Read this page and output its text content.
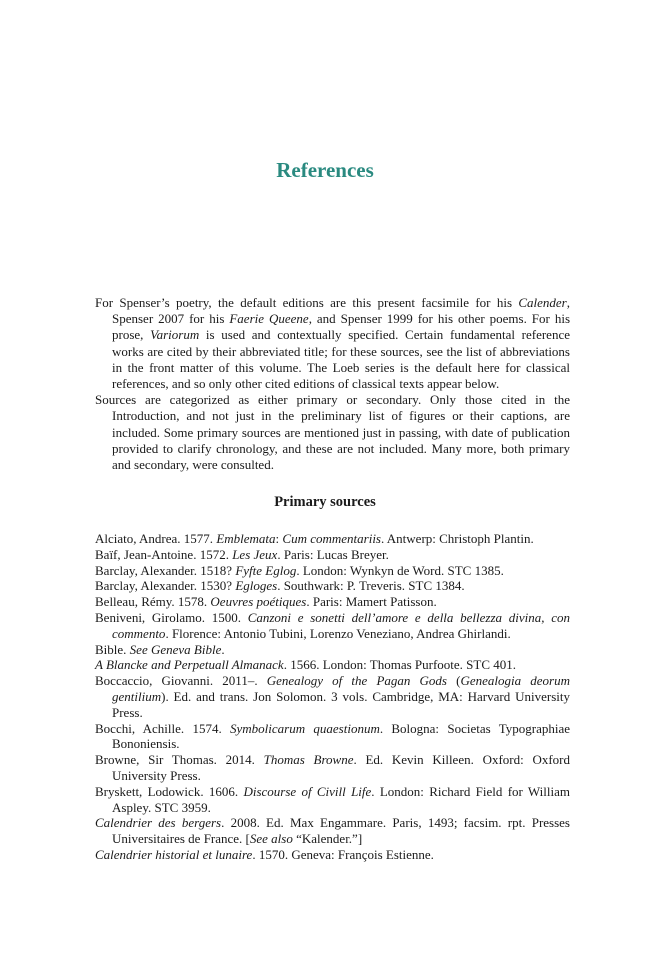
References

For Spenser’s poetry, the default editions are this present facsimile for his Calender, Spenser 2007 for his Faerie Queene, and Spenser 1999 for his other poems. For his prose, Variorum is used and contextually specified. Certain fundamental reference works are cited by their abbreviated title; for these sources, see the list of abbreviations in the front matter of this volume. The Loeb series is the default here for classical references, and so only other cited editions of classical texts appear below.

Sources are categorized as either primary or secondary. Only those cited in the Introduction, and not just in the preliminary list of figures or their captions, are included. Some primary sources are mentioned just in passing, with date of publication provided to clarify chronology, and these are not included. Many more, both primary and secondary, were consulted.

Primary sources

Alciato, Andrea. 1577. Emblemata: Cum commentariis. Antwerp: Christoph Plantin.

Baïf, Jean-Antoine. 1572. Les Jeux. Paris: Lucas Breyer.

Barclay, Alexander. 1518? Fyfte Eglog. London: Wynkyn de Word. STC 1385.

Barclay, Alexander. 1530? Egloges. Southwark: P. Treveris. STC 1384.

Belleau, Rémy. 1578. Oeuvres poétiques. Paris: Mamert Patisson.

Beniveni, Girolamo. 1500. Canzoni e sonetti dell’amore e della bellezza divina, con commento. Florence: Antonio Tubini, Lorenzo Veneziano, Andrea Ghirlandi.

Bible. See Geneva Bible.

A Blancke and Perpetuall Almanack. 1566. London: Thomas Purfoote. STC 401.

Boccaccio, Giovanni. 2011–. Genealogy of the Pagan Gods (Genealogia deorum gentilium). Ed. and trans. Jon Solomon. 3 vols. Cambridge, MA: Harvard University Press.

Bocchi, Achille. 1574. Symbolicarum quaestionum. Bologna: Societas Typographiae Bononiensis.

Browne, Sir Thomas. 2014. Thomas Browne. Ed. Kevin Killeen. Oxford: Oxford University Press.

Bryskett, Lodowick. 1606. Discourse of Civill Life. London: Richard Field for William Aspley. STC 3959.

Calendrier des bergers. 2008. Ed. Max Engammare. Paris, 1493; facsim. rpt. Presses Universitaires de France. [See also “Kalender.”]

Calendrier historial et lunaire. 1570. Geneva: François Estienne.
